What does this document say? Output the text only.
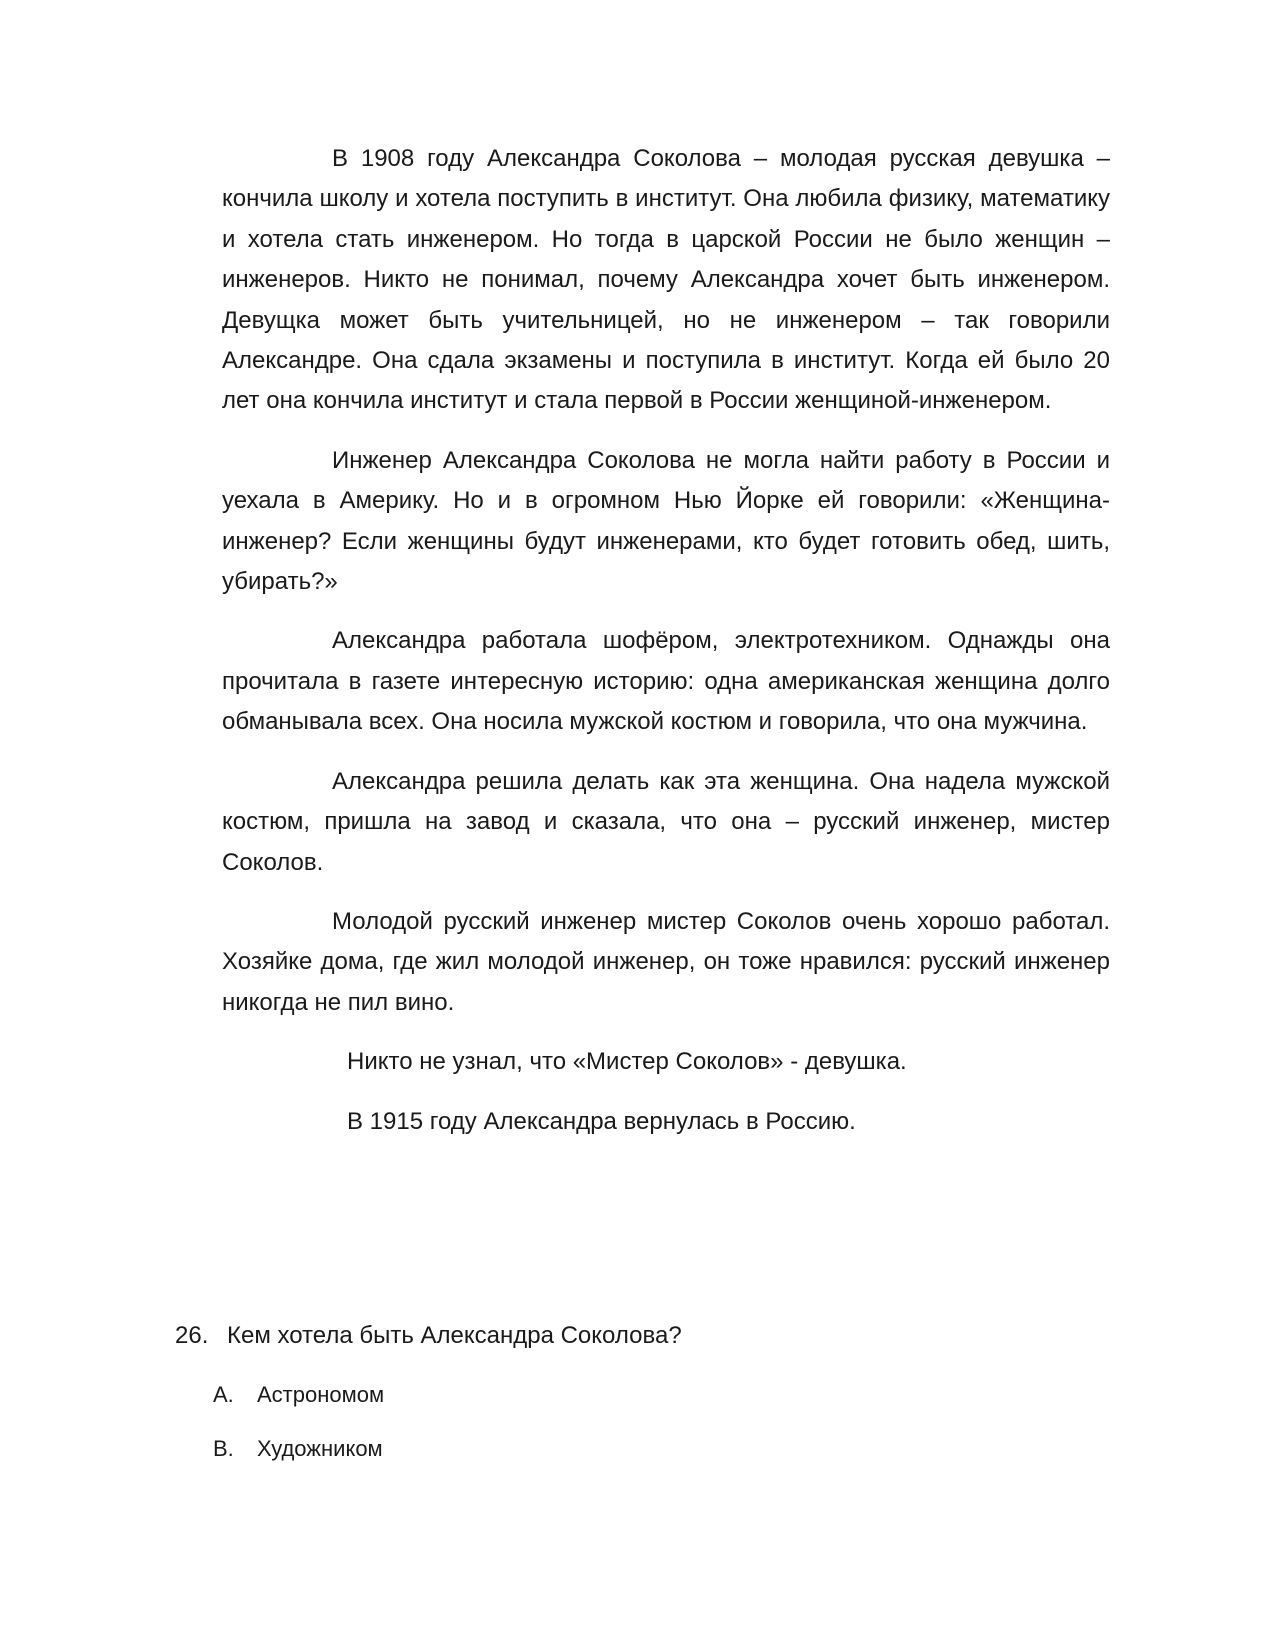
В 1908 году Александра Соколова – молодая русская девушка – кончила школу и хотела поступить в институт. Она любила физику, математику и хотела стать инженером. Но тогда в царской России не было женщин – инженеров. Никто не понимал, почему Александра хочет быть инженером. Девущка может быть учительницей, но не инженером – так говорили Александре. Она сдала экзамены и поступила в институт. Когда ей было 20 лет она кончила институт и стала первой в России женщиной-инженером.

Инженер Александра Соколова не могла найти работу в России и уехала в Америку. Но и в огромном Нью Йорке ей говорили: «Женщина-инженер? Если женщины будут инженерами, кто будет готовить обед, шить, убирать?»

Александра работала шофёром, электротехником. Однажды она прочитала в газете интересную историю: одна американская женщина долго обманывала всех. Она носила мужской костюм и говорила, что она мужчина.

Александра решила делать как эта женщина. Она надела мужской костюм, пришла на завод и сказала, что она – русский инженер, мистер Соколов.

Молодой русский инженер мистер Соколов очень хорошо работал. Хозяйке дома, где жил молодой инженер, он тоже нравился: русский инженер никогда не пил вино.

Никто не узнал, что «Мистер Соколов» - девушка.

В 1915 году Александра вернулась в Россию.

26. Кем хотела быть Александра Соколова?
A. Астрономом
B. Художником
